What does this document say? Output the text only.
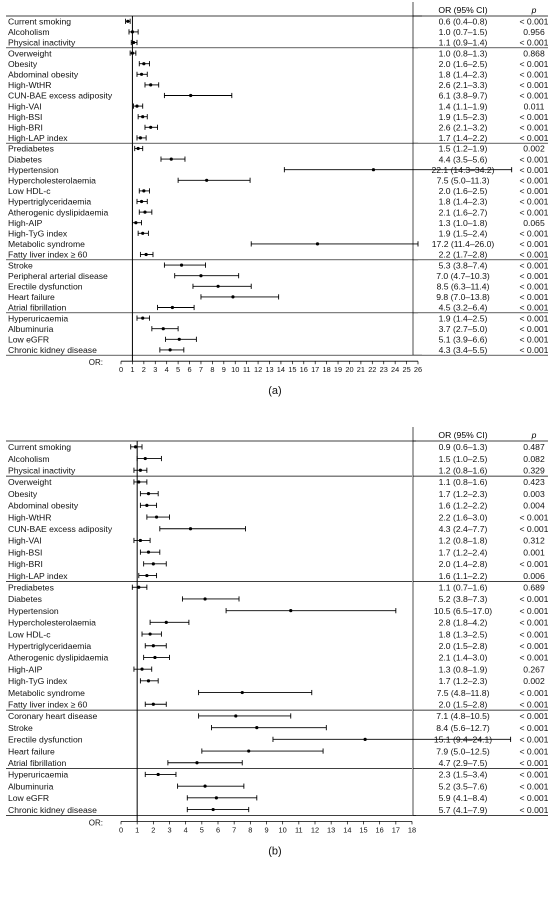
OR (95% CI)	p
Current smoking	0.6 (0.4–0.8)	< 0.001
Alcoholism	1.0 (0.7–1.5)	0.956
Physical inactivity	1.1 (0.9–1.4)	< 0.001
Overweight	1.0 (0.8–1.3)	0.868
Obesity	2.0 (1.6–2.5)	< 0.001
Abdominal obesity	1.8 (1.4–2.3)	< 0.001
High-WtHR	2.6 (2.1–3.3)	< 0.001
CUN-BAE excess adiposity	6.1 (3.8–9.7)	< 0.001
High-VAI	1.4 (1.1–1.9)	0.011
High-BSI	1.9 (1.5–2.3)	< 0.001
High-BRI	2.6 (2.1–3.2)	< 0.001
High-LAP index	1.7 (1.4–2.2)	< 0.001
Prediabetes	1.5 (1.2–1.9)	0.002
Diabetes	4.4 (3.5–5.6)	< 0.001
Hypertension	22.1 (14.3–34.2)	< 0.001
Hypercholesterolaemia	7.5 (5.0–11.3)	< 0.001
Low HDL-c	2.0 (1.6–2.5)	< 0.001
Hypertriglyceridaemia	1.8 (1.4–2.3)	< 0.001
Atherogenic dyslipidaemia	2.1 (1.6–2.7)	< 0.001
High-AIP	1.3 (1.0–1.8)	0.065
High-TyG index	1.9 (1.5–2.4)	< 0.001
Metabolic syndrome	17.2 (11.4–26.0)	< 0.001
Fatty liver index ≥ 60	2.2 (1.7–2.8)	< 0.001
Stroke	5.3 (3.8–7.4)	< 0.001
Peripheral arterial disease	7.0 (4.7–10.3)	< 0.001
Erectile dysfunction	8.5 (6.3–11.4)	< 0.001
Heart failure	9.8 (7.0–13.8)	< 0.001
Atrial fibrillation	4.5 (3.2–6.4)	< 0.001
Hyperuricaemia	1.9 (1.4–2.5)	< 0.001
Albuminuria	3.7 (2.7–5.0)	< 0.001
Low eGFR	5.1 (3.9–6.6)	< 0.001
Chronic kidney disease	4.3 (3.4–5.5)	< 0.001
OR:
0 1 2 3 4 5 6 7 8 9 10 11 12 13 14 15 16 17 18 19 20 21 22 23 24 25 26
(a)
OR (95% CI)	p
Current smoking	0.9 (0.6–1.3)	0.487
Alcoholism	1.5 (1.0–2.5)	0.082
Physical inactivity	1.2 (0.8–1.6)	0.329
Overweight	1.1 (0.8–1.6)	0.423
Obesity	1.7 (1.2–2.3)	0.003
Abdominal obesity	1.6 (1.2–2.2)	0.004
High-WtHR	2.2 (1.6–3.0)	< 0.001
CUN-BAE excess adiposity	4.3 (2.4–7.7)	< 0.001
High-VAI	1.2 (0.8–1.8)	0.312
High-BSI	1.7 (1.2–2.4)	0.001
High-BRI	2.0 (1.4–2.8)	< 0.001
High-LAP index	1.6 (1.1–2.2)	0.006
Prediabetes	1.1 (0.7–1.6)	0.689
Diabetes	5.2 (3.8–7.3)	< 0.001
Hypertension	10.5 (6.5–17.0)	< 0.001
Hypercholesterolaemia	2.8 (1.8–4.2)	< 0.001
Low HDL-c	1.8 (1.3–2.5)	< 0.001
Hypertriglyceridaemia	2.0 (1.5–2.8)	< 0.001
Atherogenic dyslipidaemia	2.1 (1.4–3.0)	< 0.001
High-AIP	1.3 (0.8–1.9)	0.267
High-TyG index	1.7 (1.2–2.3)	0.002
Metabolic syndrome	7.5 (4.8–11.8)	< 0.001
Fatty liver index ≥ 60	2.0 (1.5–2.8)	< 0.001
Coronary heart disease	7.1 (4.8–10.5)	< 0.001
Stroke	8.4 (5.6–12.7)	< 0.001
Erectile dysfunction	15.1 (9.4–24.1)	< 0.001
Heart failure	7.9 (5.0–12.5)	< 0.001
Atrial fibrillation	4.7 (2.9–7.5)	< 0.001
Hyperuricaemia	2.3 (1.5–3.4)	< 0.001
Albuminuria	5.2 (3.5–7.6)	< 0.001
Low eGFR	5.9 (4.1–8.4)	< 0.001
Chronic kidney disease	5.7 (4.1–7.9)	< 0.001
OR:
0 1 2 3 4 5 6 7 8 9 10 11 12 13 14 15 16 17 18
(b)
